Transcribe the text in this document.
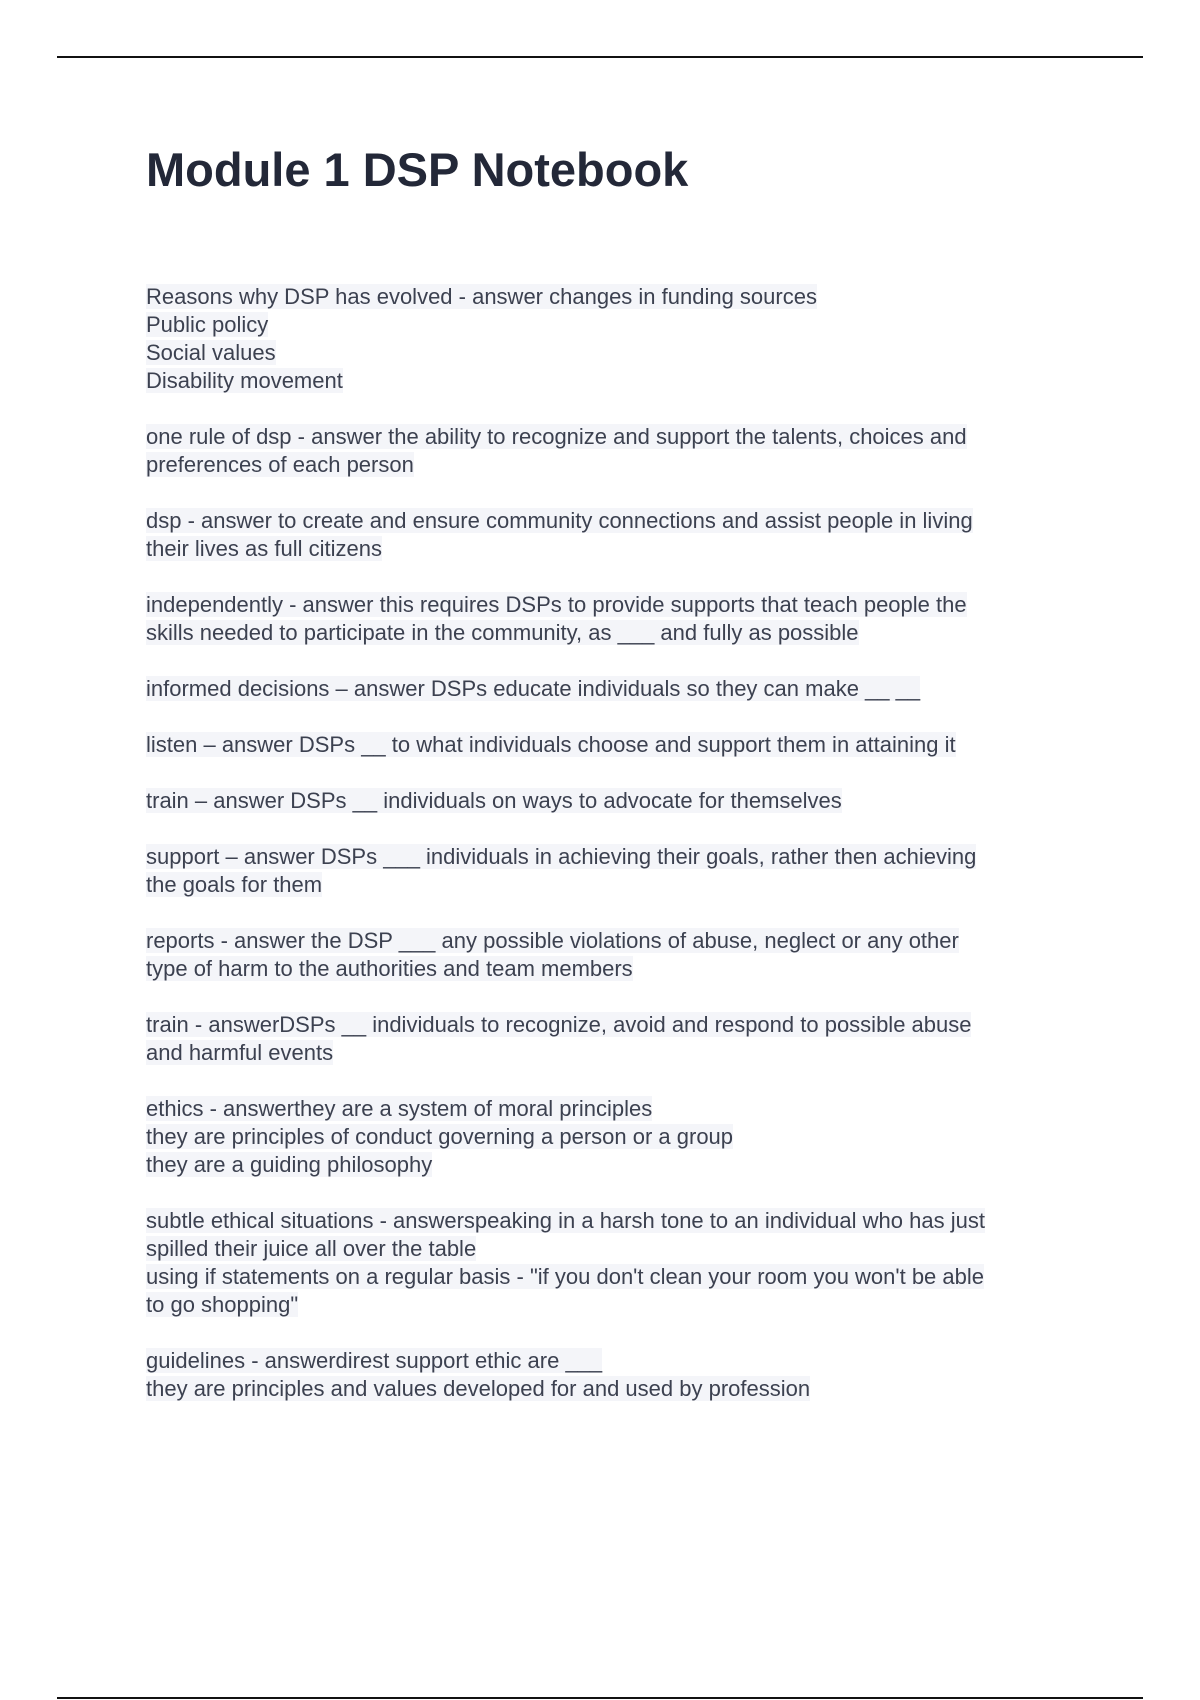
Module 1 DSP Notebook
Reasons why DSP has evolved - answer changes in funding sources
Public policy
Social values
Disability movement
one rule of dsp - answer the ability to recognize and support the talents, choices and
preferences of each person
dsp - answer to create and ensure community connections and assist people in living
their lives as full citizens
independently - answer this requires DSPs to provide supports that teach people the
skills needed to participate in the community, as ___ and fully as possible
informed decisions – answer DSPs educate individuals so they can make __ __
listen – answer DSPs __ to what individuals choose and support them in attaining it
train – answer DSPs __ individuals on ways to advocate for themselves
support – answer DSPs ___ individuals in achieving their goals, rather then achieving
the goals for them
reports - answer the DSP ___ any possible violations of abuse, neglect or any other
type of harm to the authorities and team members
train - answerDSPs __ individuals to recognize, avoid and respond to possible abuse
and harmful events
ethics - answerthey are a system of moral principles
they are principles of conduct governing a person or a group
they are a guiding philosophy
subtle ethical situations - answerspeaking in a harsh tone to an individual who has just
spilled their juice all over the table
using if statements on a regular basis - "if you don't clean your room you won't be able
to go shopping"
guidelines - answerdirest support ethic are ___
they are principles and values developed for and used by profession
